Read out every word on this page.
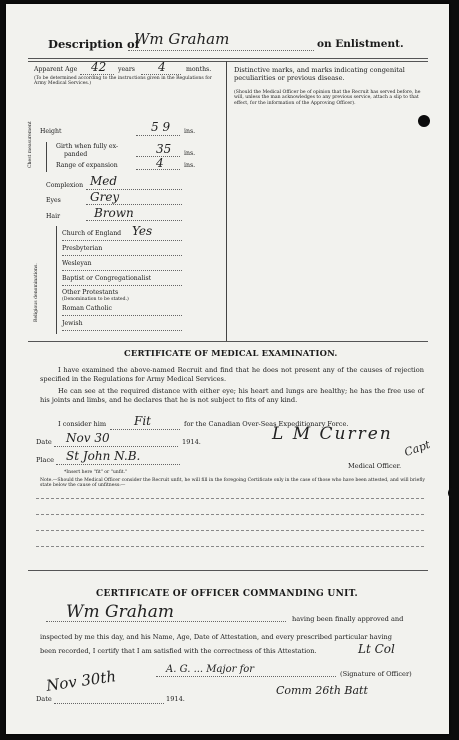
Description of
Wm Graham	on Enlistment.
Apparent Age 42 years 4	months.
(To be determined according to the instructions given in the Regulations for Army Medical Services.)
Height	5 9 ins.
Chest measurement	Girth when fully ex-
panded	35 ins.
Range of expansion	4	ins.
Complexion Med
Eyes Grey
Hair	Brown
Religious denominations.
Church of England Yes
Presbyterian
Wesleyan
Baptist or Congregationalist
Other Protestants
(Denomination to be stated.)
Roman Catholic
Jewish
Distinctive marks, and marks indicating congenital peculiarities or previous disease.
(Should the Medical Officer be of opinion that the Recruit has served before, he will, unless the man acknowledges to any previous service, attach a slip to that effect, for the information of the Approving Officer).
CERTIFICATE OF MEDICAL EXAMINATION.
I have examined the above-named Recruit and find that he does not present any of the causes of rejection specified in the Regulations for Army Medical Services.
He can see at the required distance with either eye; his heart and lungs are healthy; he has the free use of his joints and limbs, and he declares that he is not subject to fits of any kind.
I consider him Fit	for the Canadian Over-Seas Expeditionary Force.
Date Nov 30	1914.	L M Curren
Capt
Place St John N.B.
Medical Officer.
*Insert here "fit" or "unfit."
Note.—Should the Medical Officer consider the Recruit unfit, he will fill in the foregoing Certificate only in the case of those who have been attested, and will briefly state below the cause of unfitness:—
CERTIFICATE OF OFFICER COMMANDING UNIT.
Wm Graham	having been finally approved and
inspected by me this day, and his Name, Age, Date of Attestation, and every prescribed particular having
been recorded, I certify that I am satisfied with the correctness of this Attestation.	Lt Col
A. G. ... Major for	(Signature of Officer)
Nov 30th	Comm 26th Batt
Date	1914.
